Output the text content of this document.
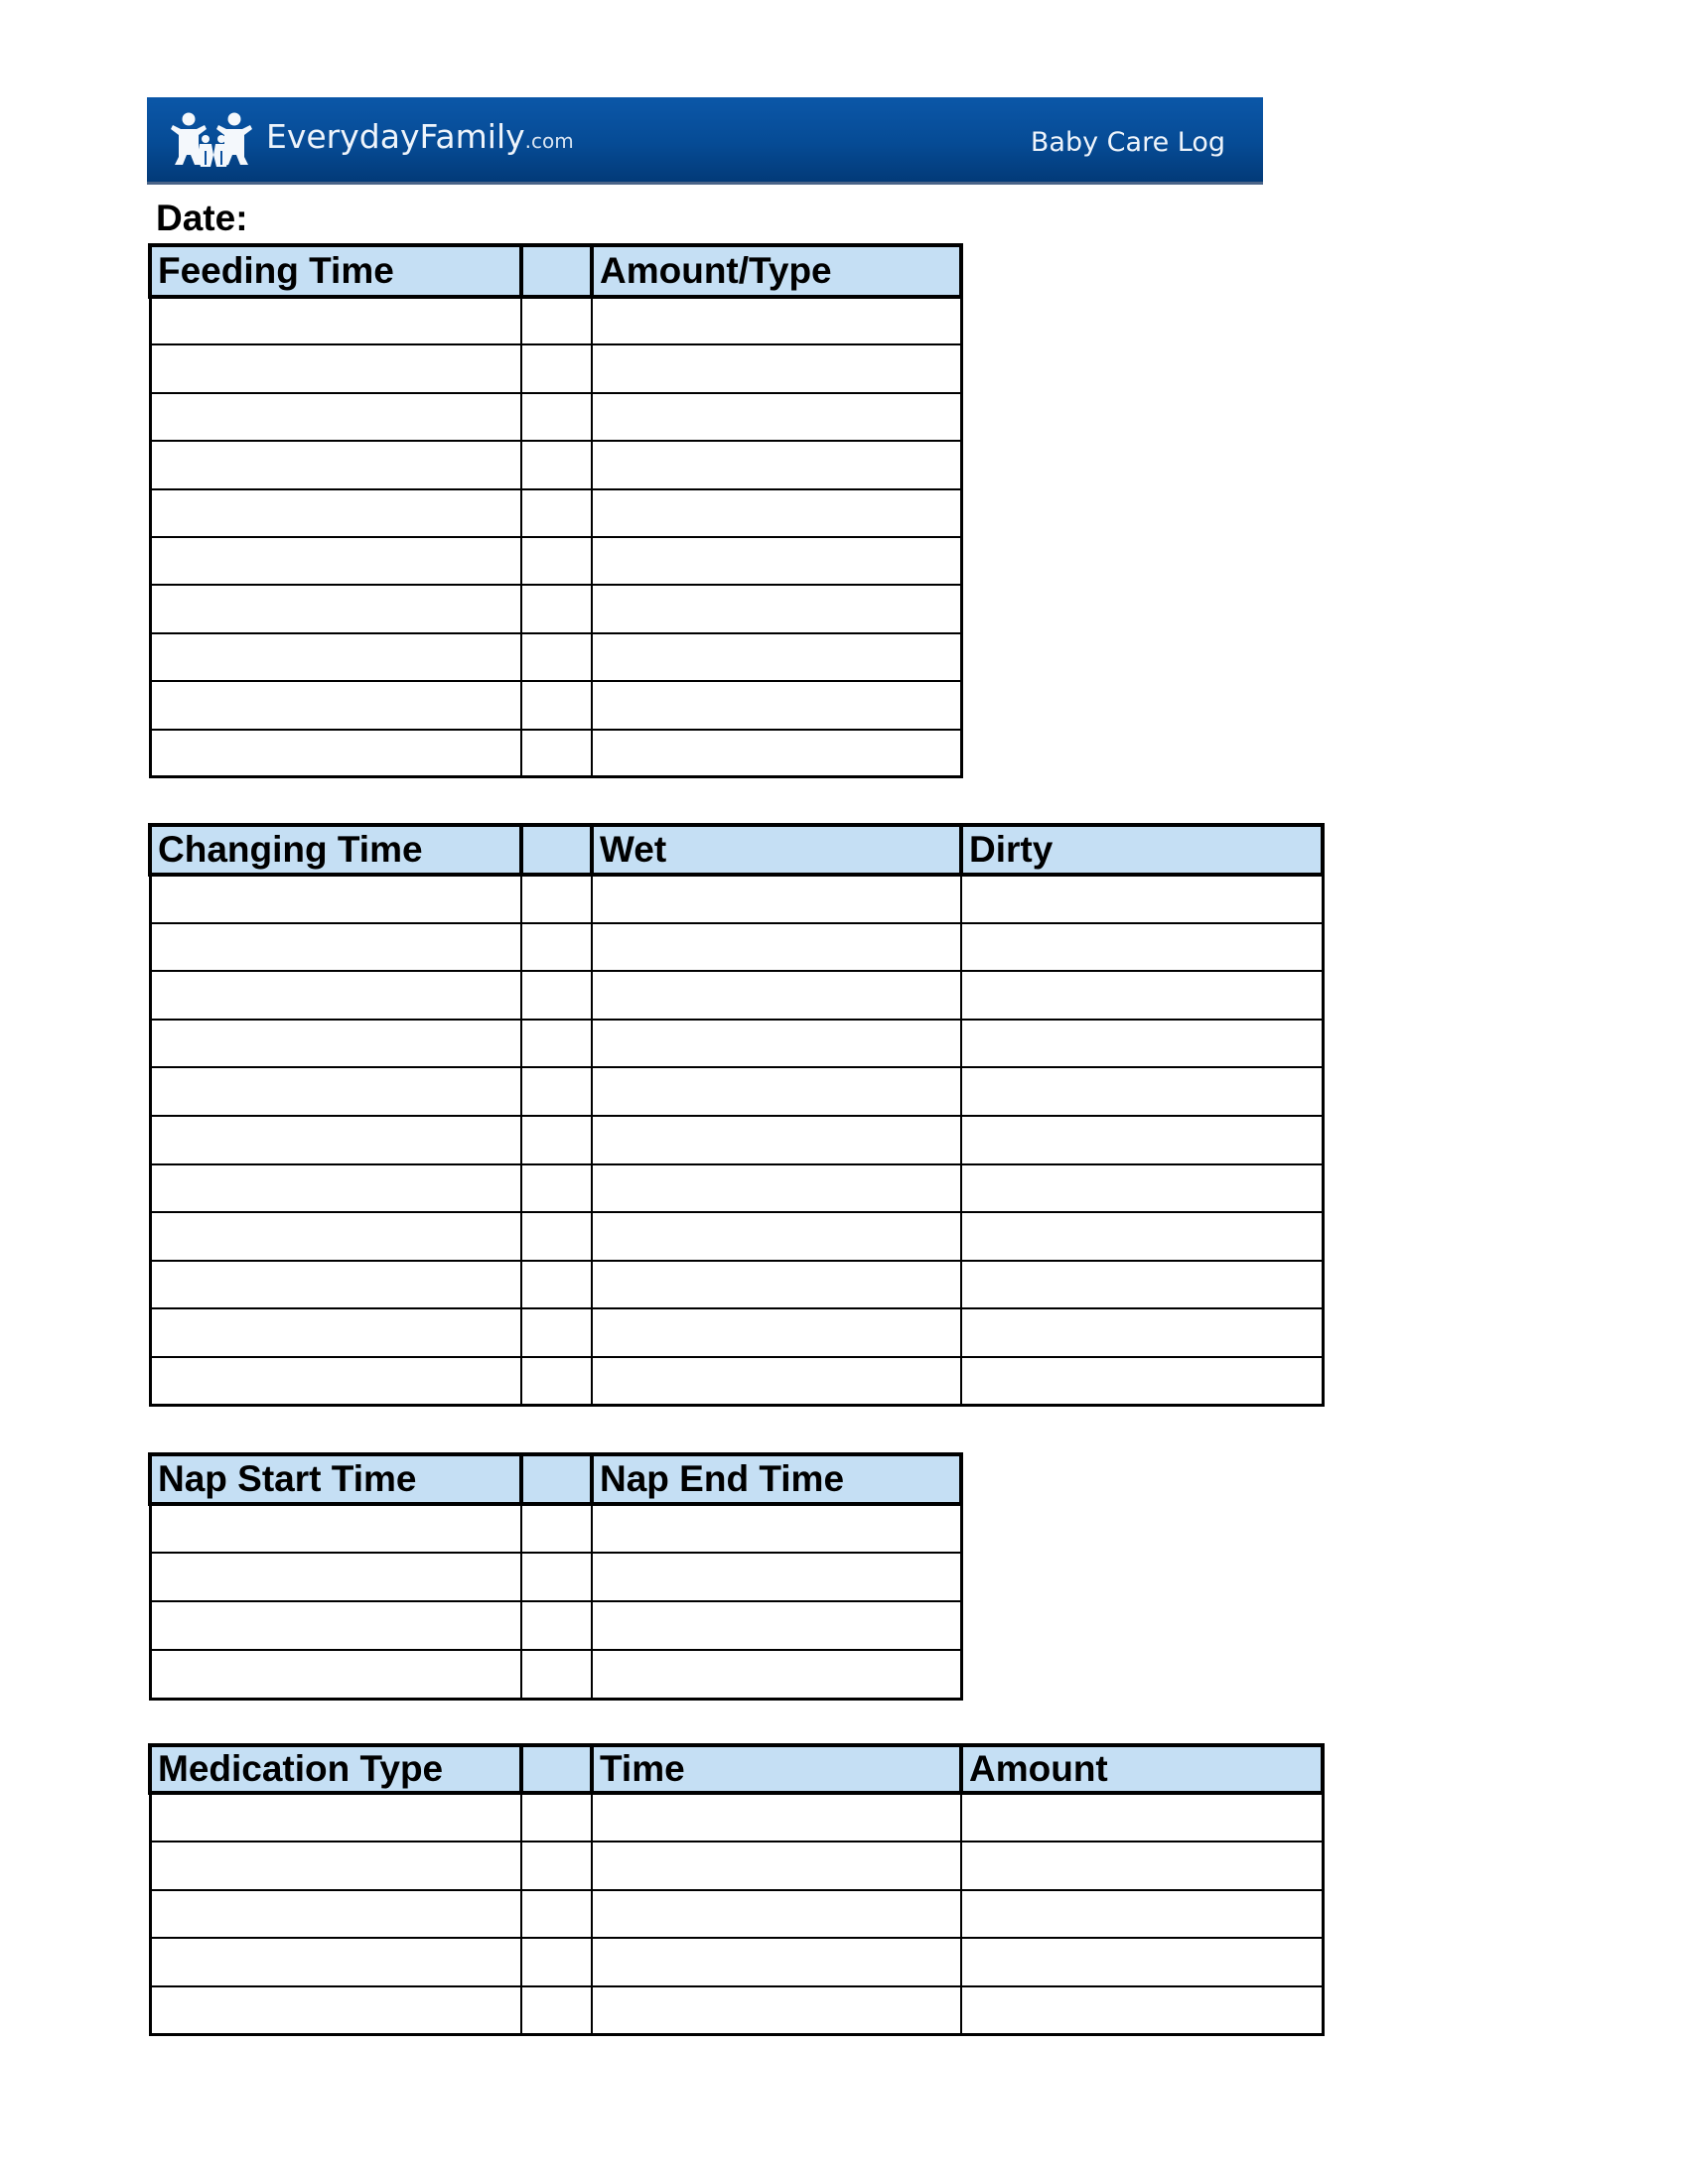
EverydayFamily.com	Baby Care Log
Date:
Feeding Time		Amount/Type

Changing Time		Wet	Dirty

Nap Start Time		Nap End Time

Medication Type		Time	Amount
